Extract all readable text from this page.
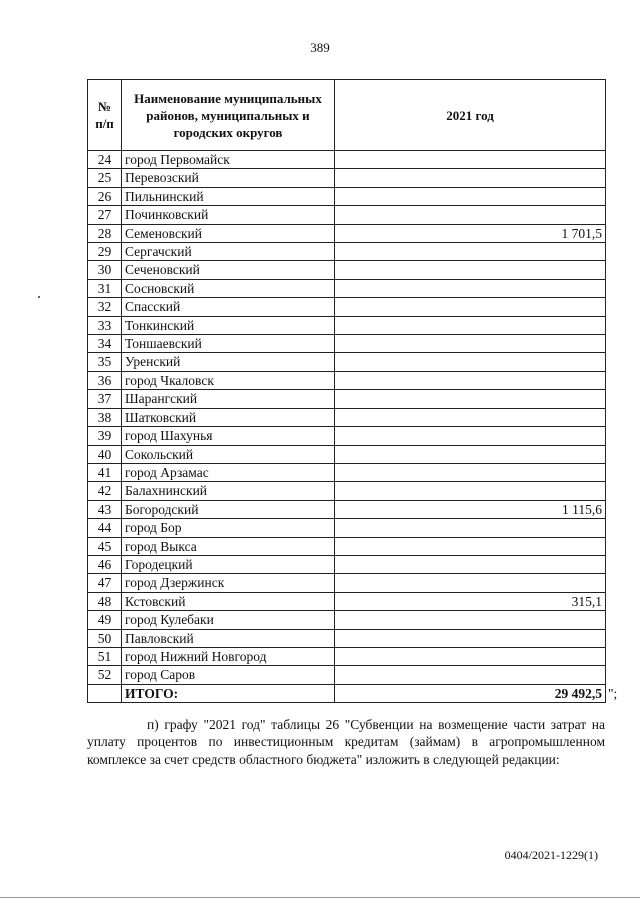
389
№ п/п	Наименование муниципальных районов, муниципальных и городских округов	2021 год
24	город Первомайск	
25	Перевозский	
26	Пильнинский	
27	Починковский	
28	Семеновский	1 701,5
29	Сергачский	
30	Сеченовский	
31	Сосновский	
32	Спасский	
33	Тонкинский	
34	Тоншаевский	
35	Уренский	
36	город Чкаловск	
37	Шарангский	
38	Шатковский	
39	город Шахунья	
40	Сокольский	
41	город Арзамас	
42	Балахнинский	
43	Богородский	1 115,6
44	город Бор	
45	город Выкса	
46	Городецкий	
47	город Дзержинск	
48	Кстовский	315,1
49	город Кулебаки	
50	Павловский	
51	город Нижний Новгород	
52	город Саров	
	ИТОГО:	29 492,5 ";
п) графу "2021 год" таблицы 26 "Субвенции на возмещение части затрат на уплату процентов по инвестиционным кредитам (займам) в агропромышленном комплексе за счет средств областного бюджета" изложить в следующей редакции:
0404/2021-1229(1)
